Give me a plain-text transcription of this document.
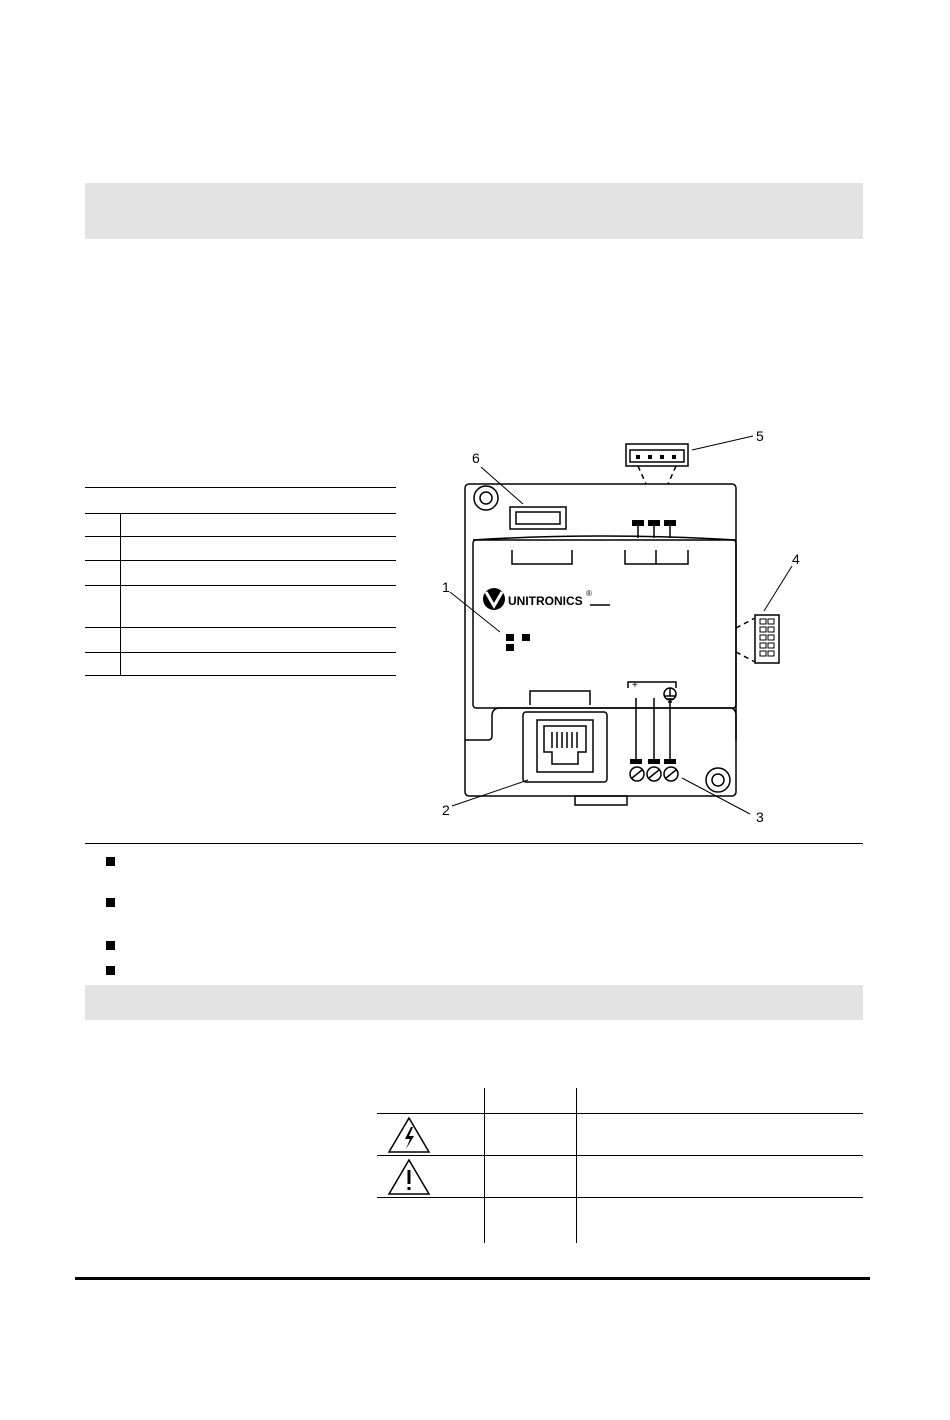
UNITRONICS
®
+
1
2	3
4
5
6
